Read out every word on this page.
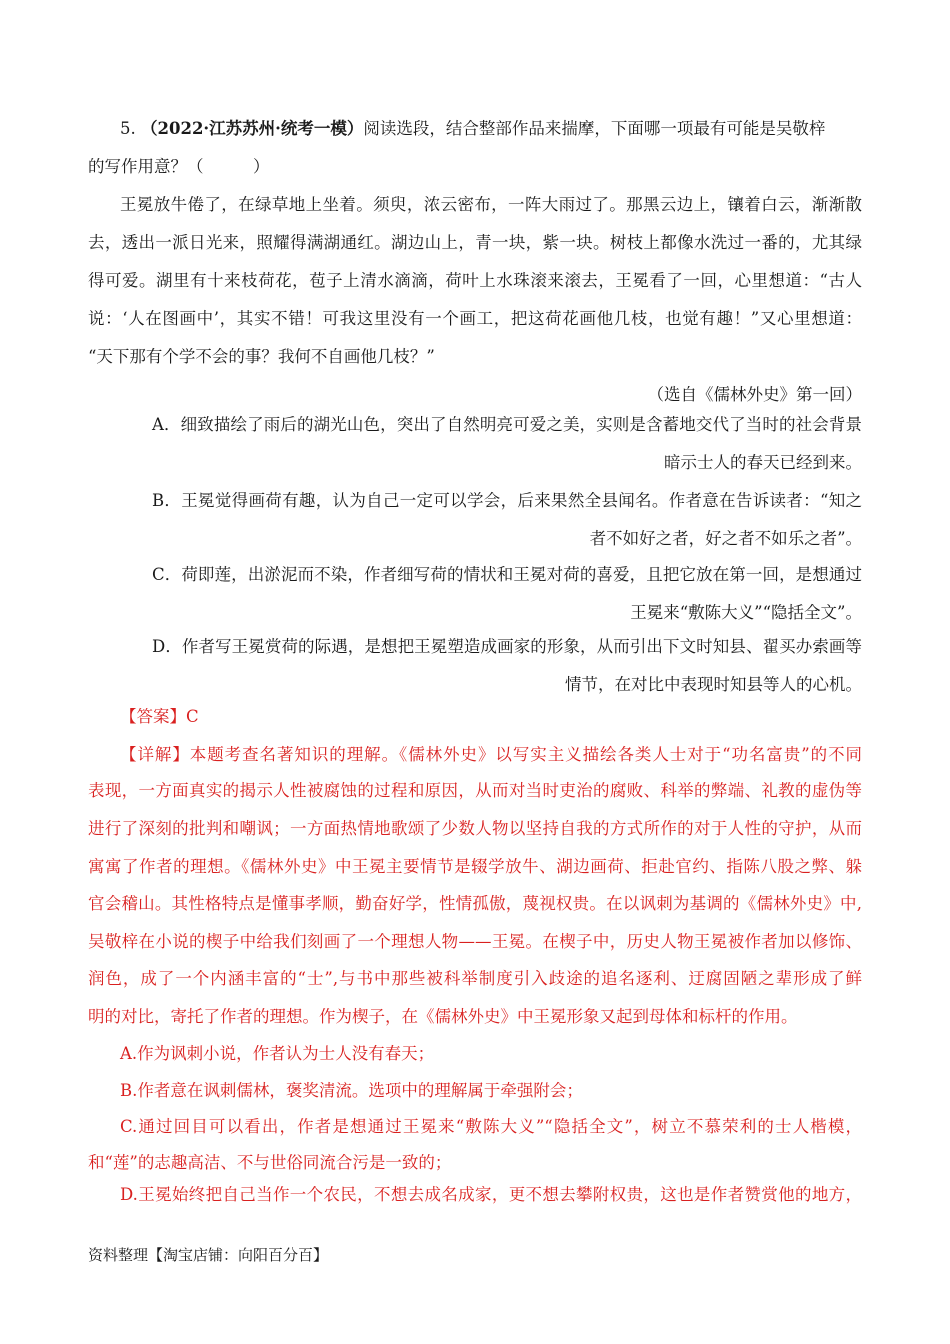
5. （2022·江苏苏州·统考一模）阅读选段，结合整部作品来揣摩，下面哪一项最有可能是吴敬梓
的写作用意？（　　　）
王冕放牛倦了，在绿草地上坐着。须臾，浓云密布，一阵大雨过了。那黑云边上，镶着白云，渐渐散
去，透出一派日光来，照耀得满湖通红。湖边山上，青一块，紫一块。树枝上都像水洗过一番的，尤其绿
得可爱。湖里有十来枝荷花，苞子上清水滴滴，荷叶上水珠滚来滚去，王冕看了一回，心里想道：“古人
说：‘人在图画中’，其实不错！可我这里没有一个画工，把这荷花画他几枝，也觉有趣！”又心里想道：
“天下那有个学不会的事？我何不自画他几枝？”
（选自《儒林外史》第一回）
A．细致描绘了雨后的湖光山色，突出了自然明亮可爱之美，实则是含蓄地交代了当时的社会背景
暗示士人的春天已经到来。
B．王冕觉得画荷有趣，认为自己一定可以学会，后来果然全县闻名。作者意在告诉读者：“知之
者不如好之者，好之者不如乐之者”。
C．荷即莲，出淤泥而不染，作者细写荷的情状和王冕对荷的喜爱，且把它放在第一回，是想通过
王冕来“敷陈大义”“隐括全文”。
D．作者写王冕赏荷的际遇，是想把王冕塑造成画家的形象，从而引出下文时知县、翟买办索画等
情节，在对比中表现时知县等人的心机。
【答案】C
【详解】本题考查名著知识的理解。《儒林外史》以写实主义描绘各类人士对于“功名富贵”的不同
表现，一方面真实的揭示人性被腐蚀的过程和原因，从而对当时吏治的腐败、科举的弊端、礼教的虚伪等
进行了深刻的批判和嘲讽；一方面热情地歌颂了少数人物以坚持自我的方式所作的对于人性的守护，从而
寓寓了作者的理想。《儒林外史》中王冕主要情节是辍学放牛、湖边画荷、拒赴官约、指陈八股之弊、躲
官会稽山。其性格特点是懂事孝顺，勤奋好学，性情孤傲，蔑视权贵。在以讽刺为基调的《儒林外史》中,
吴敬梓在小说的楔子中给我们刻画了一个理想人物——王冕。在楔子中，历史人物王冕被作者加以修饰、
润色，成了一个内涵丰富的“士”,与书中那些被科举制度引入歧途的追名逐利、迂腐固陋之辈形成了鲜
明的对比，寄托了作者的理想。作为楔子，在《儒林外史》中王冕形象又起到母体和标杆的作用。
A.作为讽刺小说，作者认为士人没有春天；
B.作者意在讽刺儒林，褒奖清流。选项中的理解属于牵强附会；
C.通过回目可以看出，作者是想通过王冕来“敷陈大义”“隐括全文”，树立不慕荣利的士人楷模，
和“莲”的志趣高洁、不与世俗同流合污是一致的；
D.王冕始终把自己当作一个农民，不想去成名成家，更不想去攀附权贵，这也是作者赞赏他的地方，
资料整理【淘宝店铺：向阳百分百】
